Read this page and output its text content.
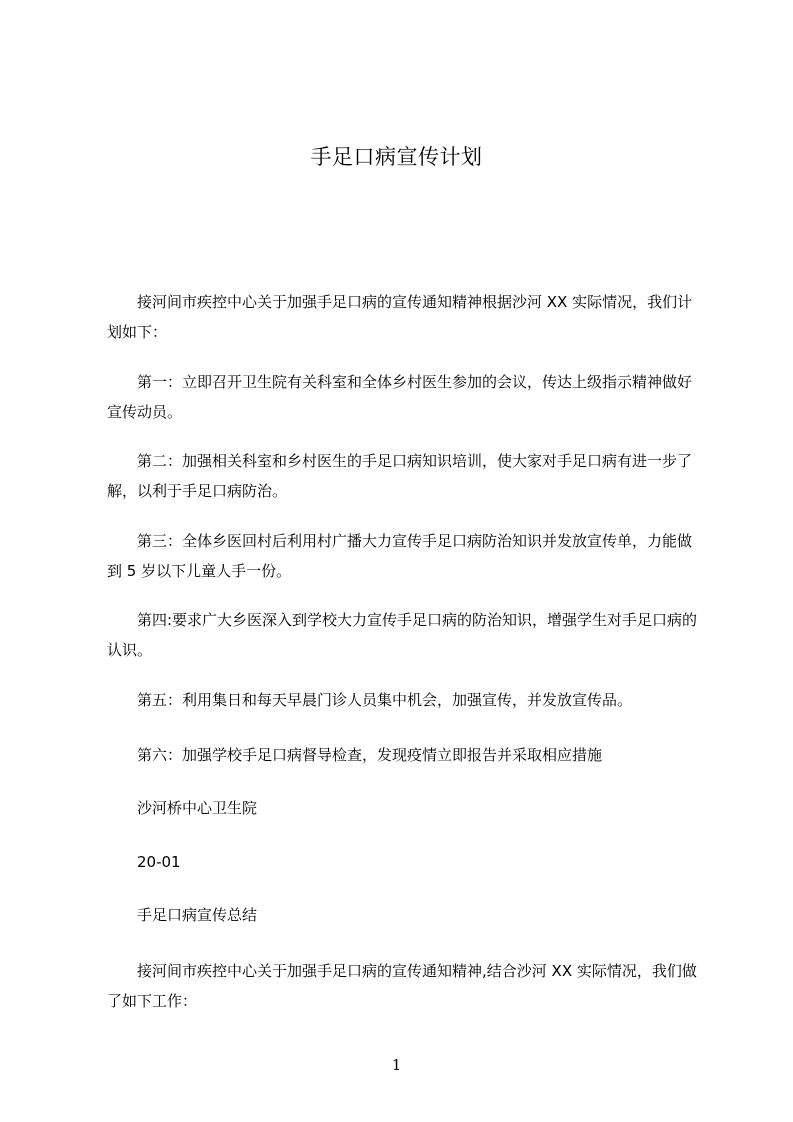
手足口病宣传计划

接河间市疾控中心关于加强手足口病的宣传通知精神根据沙河 XX 实际情况，我们计划如下：

第一：立即召开卫生院有关科室和全体乡村医生参加的会议，传达上级指示精神做好宣传动员。

第二：加强相关科室和乡村医生的手足口病知识培训，使大家对手足口病有进一步了解，以利于手足口病防治。

第三：全体乡医回村后利用村广播大力宣传手足口病防治知识并发放宣传单，力能做到 5 岁以下儿童人手一份。

第四:要求广大乡医深入到学校大力宣传手足口病的防治知识，增强学生对手足口病的认识。

第五：利用集日和每天早晨门诊人员集中机会，加强宣传，并发放宣传品。

第六：加强学校手足口病督导检查，发现疫情立即报告并采取相应措施

沙河桥中心卫生院

20-01

手足口病宣传总结

接河间市疾控中心关于加强手足口病的宣传通知精神,结合沙河 XX 实际情况，我们做了如下工作：

1
